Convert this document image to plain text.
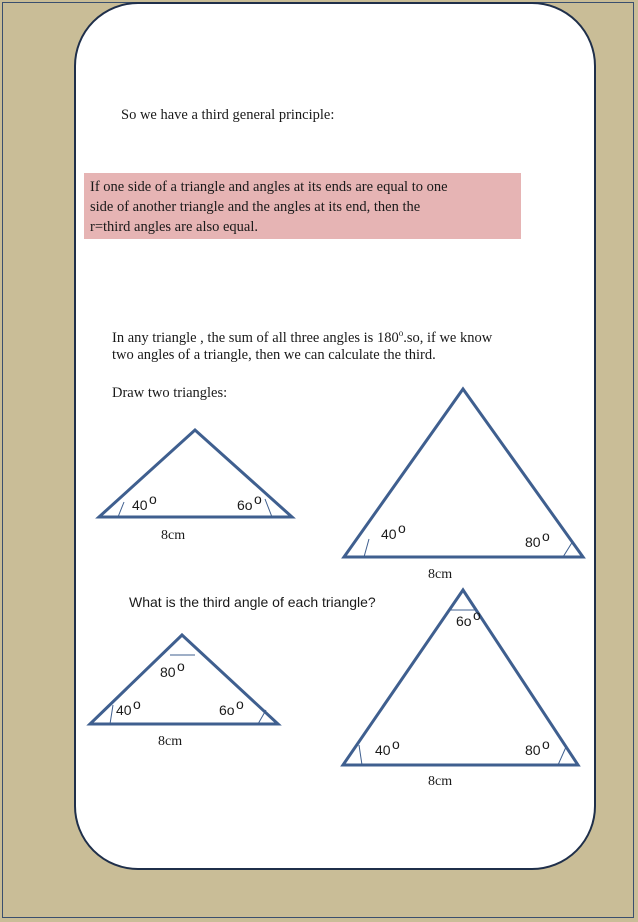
So we have a third general principle:
If one side of a triangle and angles at its ends are equal to one
side of another triangle and the angles at its end, then the
r=third angles are also equal.
In any triangle , the sum of all three angles is 180$^o$.so, if we know
two angles of a triangle, then we can calculate the third.
Draw two triangles:
40 o	6o o
8cm	40 o
80 o
8cm
What is the third angle of each triangle?
80 o
40 o	6o o
8cm
6o o
40 o	80 o
8cm
